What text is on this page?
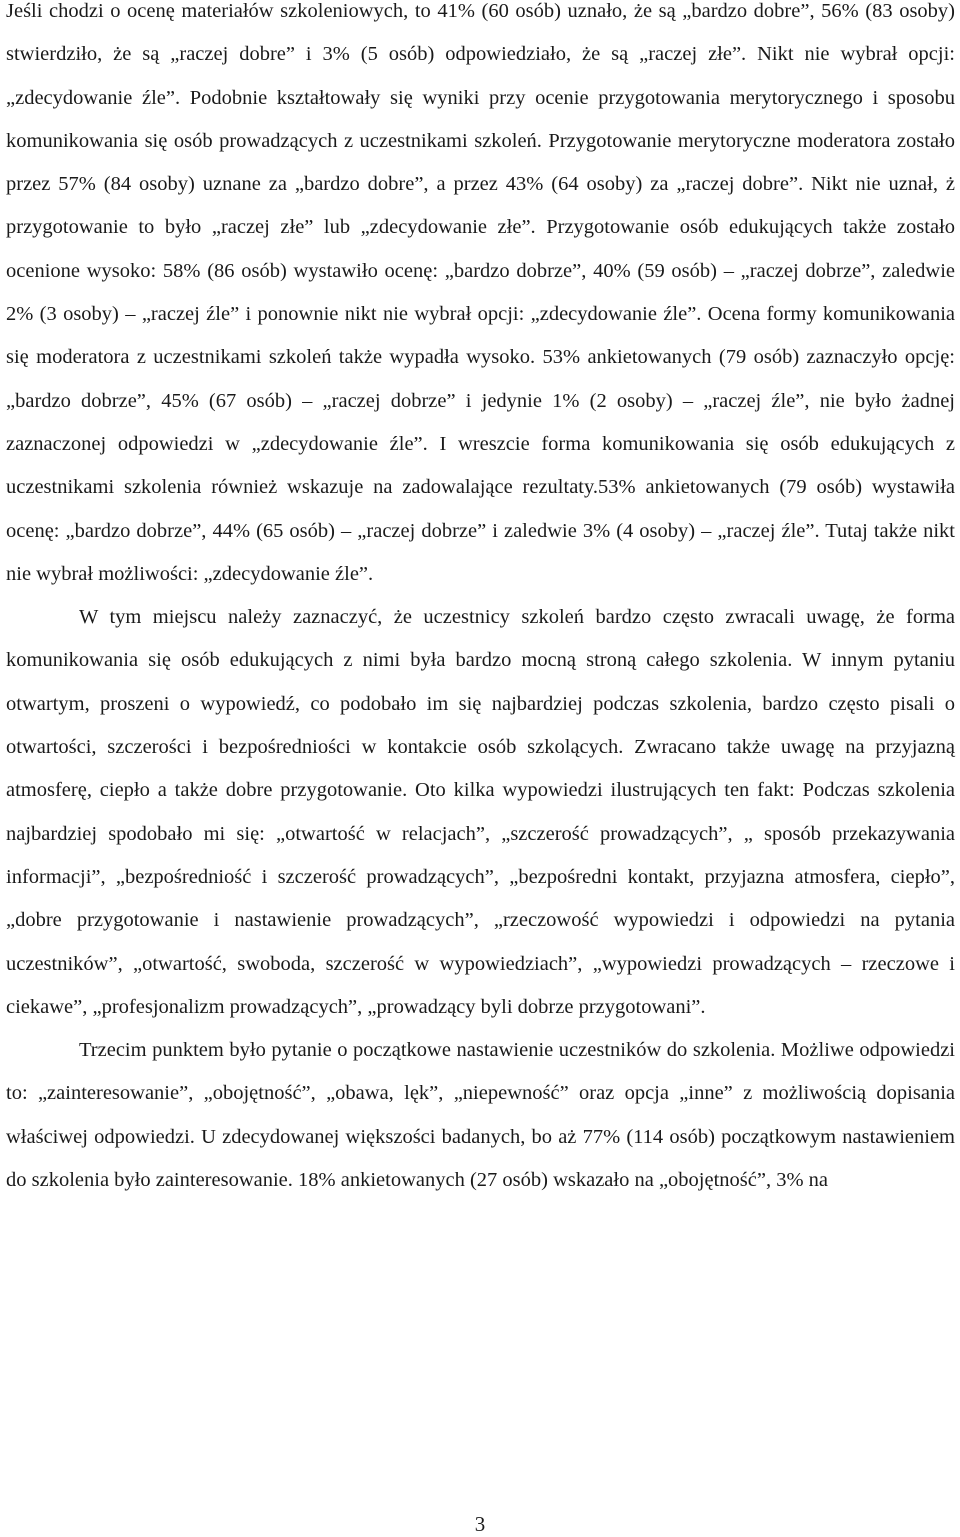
Jeśli chodzi o ocenę materiałów szkoleniowych, to 41% (60 osób) uznało, że są „bardzo dobre”, 56% (83 osoby) stwierdziło, że są „raczej dobre” i 3% (5 osób) odpowiedziało, że są „raczej złe”. Nikt nie wybrał opcji: „zdecydowanie źle”. Podobnie kształtowały się wyniki przy ocenie przygotowania merytorycznego i sposobu komunikowania się osób prowadzących z uczestnikami szkoleń. Przygotowanie merytoryczne moderatora zostało przez 57% (84 osoby) uznane za „bardzo dobre”, a przez 43% (64 osoby) za „raczej dobre”. Nikt nie uznał, ż przygotowanie to było „raczej złe” lub „zdecydowanie złe”. Przygotowanie osób edukujących także zostało ocenione wysoko: 58% (86 osób) wystawiło ocenę: „bardzo dobrze”, 40% (59 osób) – „raczej dobrze”, zaledwie 2% (3 osoby) – „raczej źle” i ponownie nikt nie wybrał opcji: „zdecydowanie źle”. Ocena formy komunikowania się moderatora z uczestnikami szkoleń także wypadła wysoko. 53% ankietowanych (79 osób) zaznaczyło opcję: „bardzo dobrze”, 45% (67 osób) – „raczej dobrze” i jedynie 1% (2 osoby) – „raczej źle”, nie było żadnej zaznaczonej odpowiedzi w „zdecydowanie źle”. I wreszcie forma komunikowania się osób edukujących z uczestnikami szkolenia również wskazuje na zadowalające rezultaty.53% ankietowanych (79 osób) wystawiła ocenę: „bardzo dobrze”, 44% (65 osób) – „raczej dobrze” i zaledwie 3% (4 osoby) – „raczej źle”. Tutaj także nikt nie wybrał możliwości: „zdecydowanie źle”.

W tym miejscu należy zaznaczyć, że uczestnicy szkoleń bardzo często zwracali uwagę, że forma komunikowania się osób edukujących z nimi była bardzo mocną stroną całego szkolenia. W innym pytaniu otwartym, proszeni o wypowiedź, co podobało im się najbardziej podczas szkolenia, bardzo często pisali o otwartości, szczerości i bezpośredniości w kontakcie osób szkolących. Zwracano także uwagę na przyjazną atmosferę, ciepło a także dobre przygotowanie. Oto kilka wypowiedzi ilustrujących ten fakt: Podczas szkolenia najbardziej spodobało mi się: „otwartość w relacjach”, „szczerość prowadzących”, „ sposób przekazywania informacji”, „bezpośredniość i szczerość prowadzących”, „bezpośredni kontakt, przyjazna atmosfera, ciepło”, „dobre przygotowanie i nastawienie prowadzących”, „rzeczowość wypowiedzi i odpowiedzi na pytania uczestników”, „otwartość, swoboda, szczerość w wypowiedziach”, „wypowiedzi prowadzących – rzeczowe i ciekawe”, „profesjonalizm prowadzących”, „prowadzący byli dobrze przygotowani”.

Trzecim punktem było pytanie o początkowe nastawienie uczestników do szkolenia. Możliwe odpowiedzi to: „zainteresowanie”, „obojętność”, „obawa, lęk”, „niepewność” oraz opcja „inne” z możliwością dopisania właściwej odpowiedzi. U zdecydowanej większości badanych, bo aż 77% (114 osób) początkowym nastawieniem do szkolenia było zainteresowanie. 18% ankietowanych (27 osób) wskazało na „obojętność”, 3% na

3
